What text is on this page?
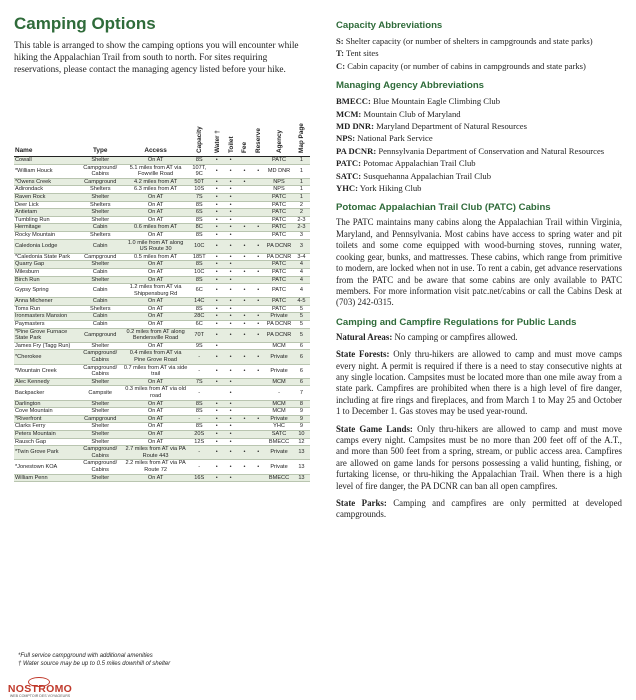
Camping Options

This table is arranged to show the camping options you will encounter while hiking the Appalachian Trail from south to north. For sites requiring reservations, please contact the managing agency listed before your hike.

Name	Type	Access	Capacity	Water †	Toilet	Fee	Reserve	Agency	Map Page

Cowall	Shelter	On AT	8S	•	•			PATC	1
*William Houck	Campground/ Cabins	5.1 miles from AT via Fowville Road	107T, 9C	•	•	•	•	MD DNR	1
*Owens Creek	Campground	4.2 miles from AT	50T	•	•	•		NPS	1
Adirondack	Shelters	6.3 miles from AT	10S	•	•			NPS	1
Raven Rock	Shelter	On AT	7S	•	•			PATC	1
Deer Lick	Shelters	On AT	8S	•	•			PATC	2
Antietam	Shelter	On AT	6S	•	•			PATC	2
Tumbling Run	Shelter	On AT	8S	•	•			PATC	2-3
Hermitage	Cabin	0.6 miles from AT	8C	•	•	•	•	PATC	2-3
Rocky Mountain	Shelters	On AT	8S	•	•			PATC	3
Caledonia Lodge	Cabin	1.0 mile from AT along US Route 30	10C	•	•	•	•	PA DCNR	3
*Caledonia State Park	Campground	0.5 miles from AT	185T	•	•	•	•	PA DCNR	3-4
Quarry Gap	Shelter	On AT	8S	•	•			PATC	4
Milesburn	Cabin	On AT	10C	•	•	•	•	PATC	4
Birch Run	Shelter	On AT	8S	•	•			PATC	4
Gypsy Spring	Cabin	1.2 miles from AT via Shippensburg Rd	6C	•	•	•	•	PATC	4
Anna Michener	Cabin	On AT	14C	•	•	•	•	PATC	4-5
Toms Run	Shelters	On AT	8S	•	•			PATC	5
Ironmasters Mansion	Cabin	On AT	28C	•	•	•	•	Private	5
Paymasters	Cabin	On AT	6C	•	•	•	•	PA DCNR	5
*Pine Grove Furnace State Park	Campground	0.2 miles from AT along Bendersville Road	70T	•	•	•	•	PA DCNR	5
James Fry (Tagg Run)	Shelter	On AT	9S	•				MCM	6
*Cherokee	Campground/ Cabins	0.4 miles from AT via Pine Grove Road	-	•	•	•	•	Private	6
*Mountain Creek	Campground/ Cabins	0.7 miles from AT via side trail	-	•	•	•	•	Private	6
Alec Kennedy	Shelter	On AT	7S	•	•			MCM	6
Backpacker	Campsite	0.3 miles from AT via old road	-		•			-	7
Darlington	Shelter	On AT	8S	•	•			MCM	8
Cove Mountain	Shelter	On AT	8S	•	•			MCM	9
*Riverfront	Campground	On AT	-	•	•	•	•	Private	9
Clarks Ferry	Shelter	On AT	8S	•	•			YHC	9
Peters Mountain	Shelter	On AT	20S	•	•			SATC	10
Rausch Gap	Shelter	On AT	12S	•	•			BMECC	12
*Twin Grove Park	Campground/ Cabins	2.7 miles from AT via PA Route 443	-	•	•	•	•	Private	13
*Jonestown KOA	Campground/ Cabins	2.2 miles from AT via PA Route 72	-	•	•	•	•	Private	13
William Penn	Shelter	On AT	16S	•	•			BMECC	13
*Full service campground with additional amenities
† Water source may be up to 0.5 miles downhill of shelter
NOSTROMO
WEB COMPTOIR DES VOYAGEURS
Capacity Abbreviations

S: Shelter capacity (or number of shelters in campgrounds and state parks)

T: Tent sites

C: Cabin capacity (or number of cabins in campgrounds and state parks)

Managing Agency Abbreviations

BMECC: Blue Mountain Eagle Climbing Club

MCM: Mountain Club of Maryland

MD DNR: Maryland Department of Natural Resources

NPS: National Park Service

PA DCNR: Pennsylvania Department of Conservation and Natural Resources

PATC: Potomac Appalachian Trail Club

SATC: Susquehanna Appalachian Trail Club

YHC: York Hiking Club

Potomac Appalachian Trail Club (PATC) Cabins

The PATC maintains many cabins along the Appalachian Trail within Virginia, Maryland, and Pennsylvania. Most cabins have access to spring water and pit toilets and some come equipped with wood-burning stoves, running water, cooking gear, bunks, and mattresses. These cabins, which range from primitive to modern, are locked when not in use. To rent a cabin, get advance reservations from the PATC and be aware that some cabins are only available to PATC members. For more information visit patc.net/cabins or call the Cabins Desk at (703) 242-0315.

Camping and Campfire Regulations for Public Lands

Natural Areas: No camping or campfires allowed.

State Forests: Only thru-hikers are allowed to camp and must move camps every night. A permit is required if there is a need to stay consecutive nights at any single location. Campsites must be located more than one mile away from a state park. Campfires are prohibited when there is a high level of fire danger, including at fire rings and fireplaces, and from March 1 to May 25 and October 1 to December 1. Gas stoves may be used year-round.

State Game Lands: Only thru-hikers are allowed to camp and must move camps every night. Campsites must be no more than 200 feet off of the A.T., and more than 500 feet from a spring, stream, or public access area. Campfires are allowed on game lands for persons possessing a valid hunting, fishing, or furtaking license, or thru-hiking the Appalachian Trail. When there is a high level of fire danger, the PA DCNR can ban all open campfires.

State Parks: Camping and campfires are only permitted at developed campgrounds.
